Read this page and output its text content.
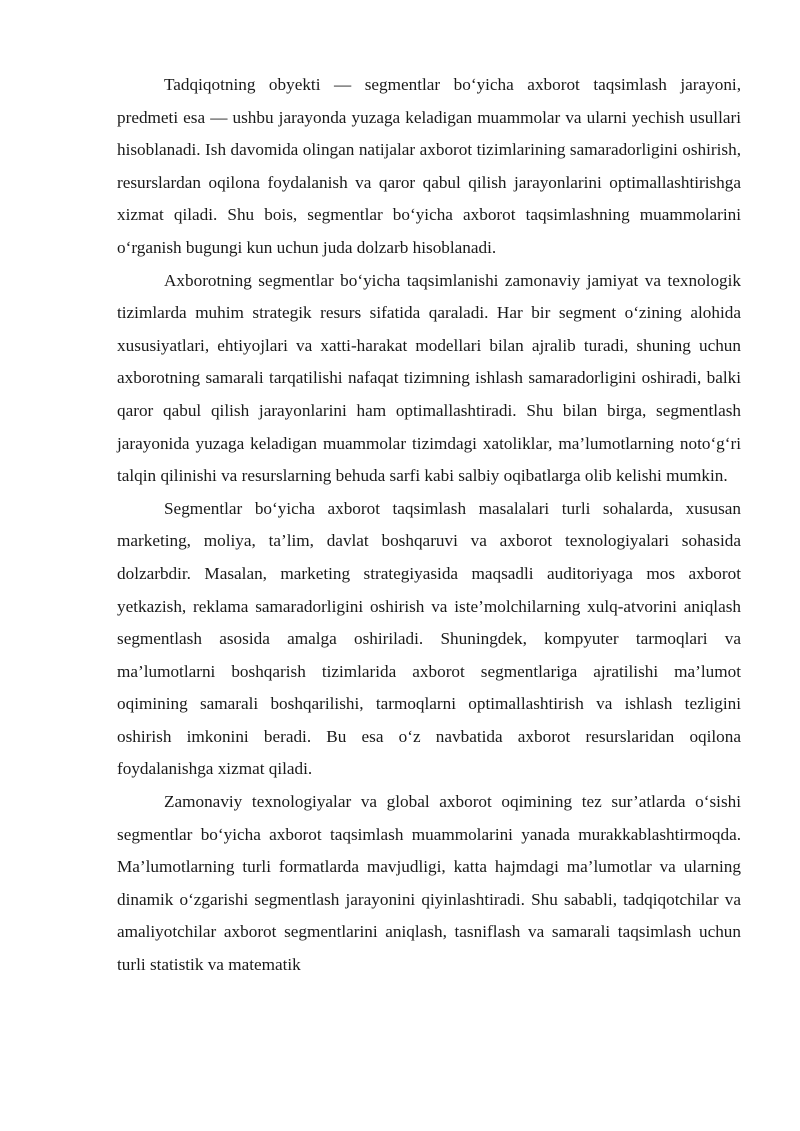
Tadqiqotning obyekti — segmentlar bo‘yicha axborot taqsimlash jarayoni, predmeti esa — ushbu jarayonda yuzaga keladigan muammolar va ularni yechish usullari hisoblanadi. Ish davomida olingan natijalar axborot tizimlarining samaradorligini oshirish, resurslardan oqilona foydalanish va qaror qabul qilish jarayonlarini optimallashtirishga xizmat qiladi. Shu bois, segmentlar bo‘yicha axborot taqsimlashning muammolarini o‘rganish bugungi kun uchun juda dolzarb hisoblanadi.

Axborotning segmentlar bo‘yicha taqsimlanishi zamonaviy jamiyat va texnologik tizimlarda muhim strategik resurs sifatida qaraladi. Har bir segment o‘zining alohida xususiyatlari, ehtiyojlari va xatti-harakat modellari bilan ajralib turadi, shuning uchun axborotning samarali tarqatilishi nafaqat tizimning ishlash samaradorligini oshiradi, balki qaror qabul qilish jarayonlarini ham optimallashtiradi. Shu bilan birga, segmentlash jarayonida yuzaga keladigan muammolar tizimdagi xatoliklar, ma’lumotlarning noto‘g‘ri talqin qilinishi va resurslarning behuda sarfi kabi salbiy oqibatlarga olib kelishi mumkin.

Segmentlar bo‘yicha axborot taqsimlash masalalari turli sohalarda, xususan marketing, moliya, ta’lim, davlat boshqaruvi va axborot texnologiyalari sohasida dolzarbdir. Masalan, marketing strategiyasida maqsadli auditoriyaga mos axborot yetkazish, reklama samaradorligini oshirish va iste’molchilarning xulq-atvorini aniqlash segmentlash asosida amalga oshiriladi. Shuningdek, kompyuter tarmoqlari va ma’lumotlarni boshqarish tizimlarida axborot segmentlariga ajratilishi ma’lumot oqimining samarali boshqarilishi, tarmoqlarni optimallashtirish va ishlash tezligini oshirish imkonini beradi. Bu esa o‘z navbatida axborot resurslaridan oqilona foydalanishga xizmat qiladi.

Zamonaviy texnologiyalar va global axborot oqimining tez sur’atlarda o‘sishi segmentlar bo‘yicha axborot taqsimlash muammolarini yanada murakkablashtirmoqda. Ma’lumotlarning turli formatlarda mavjudligi, katta hajmdagi ma’lumotlar va ularning dinamik o‘zgarishi segmentlash jarayonini qiyinlashtiradi. Shu sababli, tadqiqotchilar va amaliyotchilar axborot segmentlarini aniqlash, tasniflash va samarali taqsimlash uchun turli statistik va matematik
